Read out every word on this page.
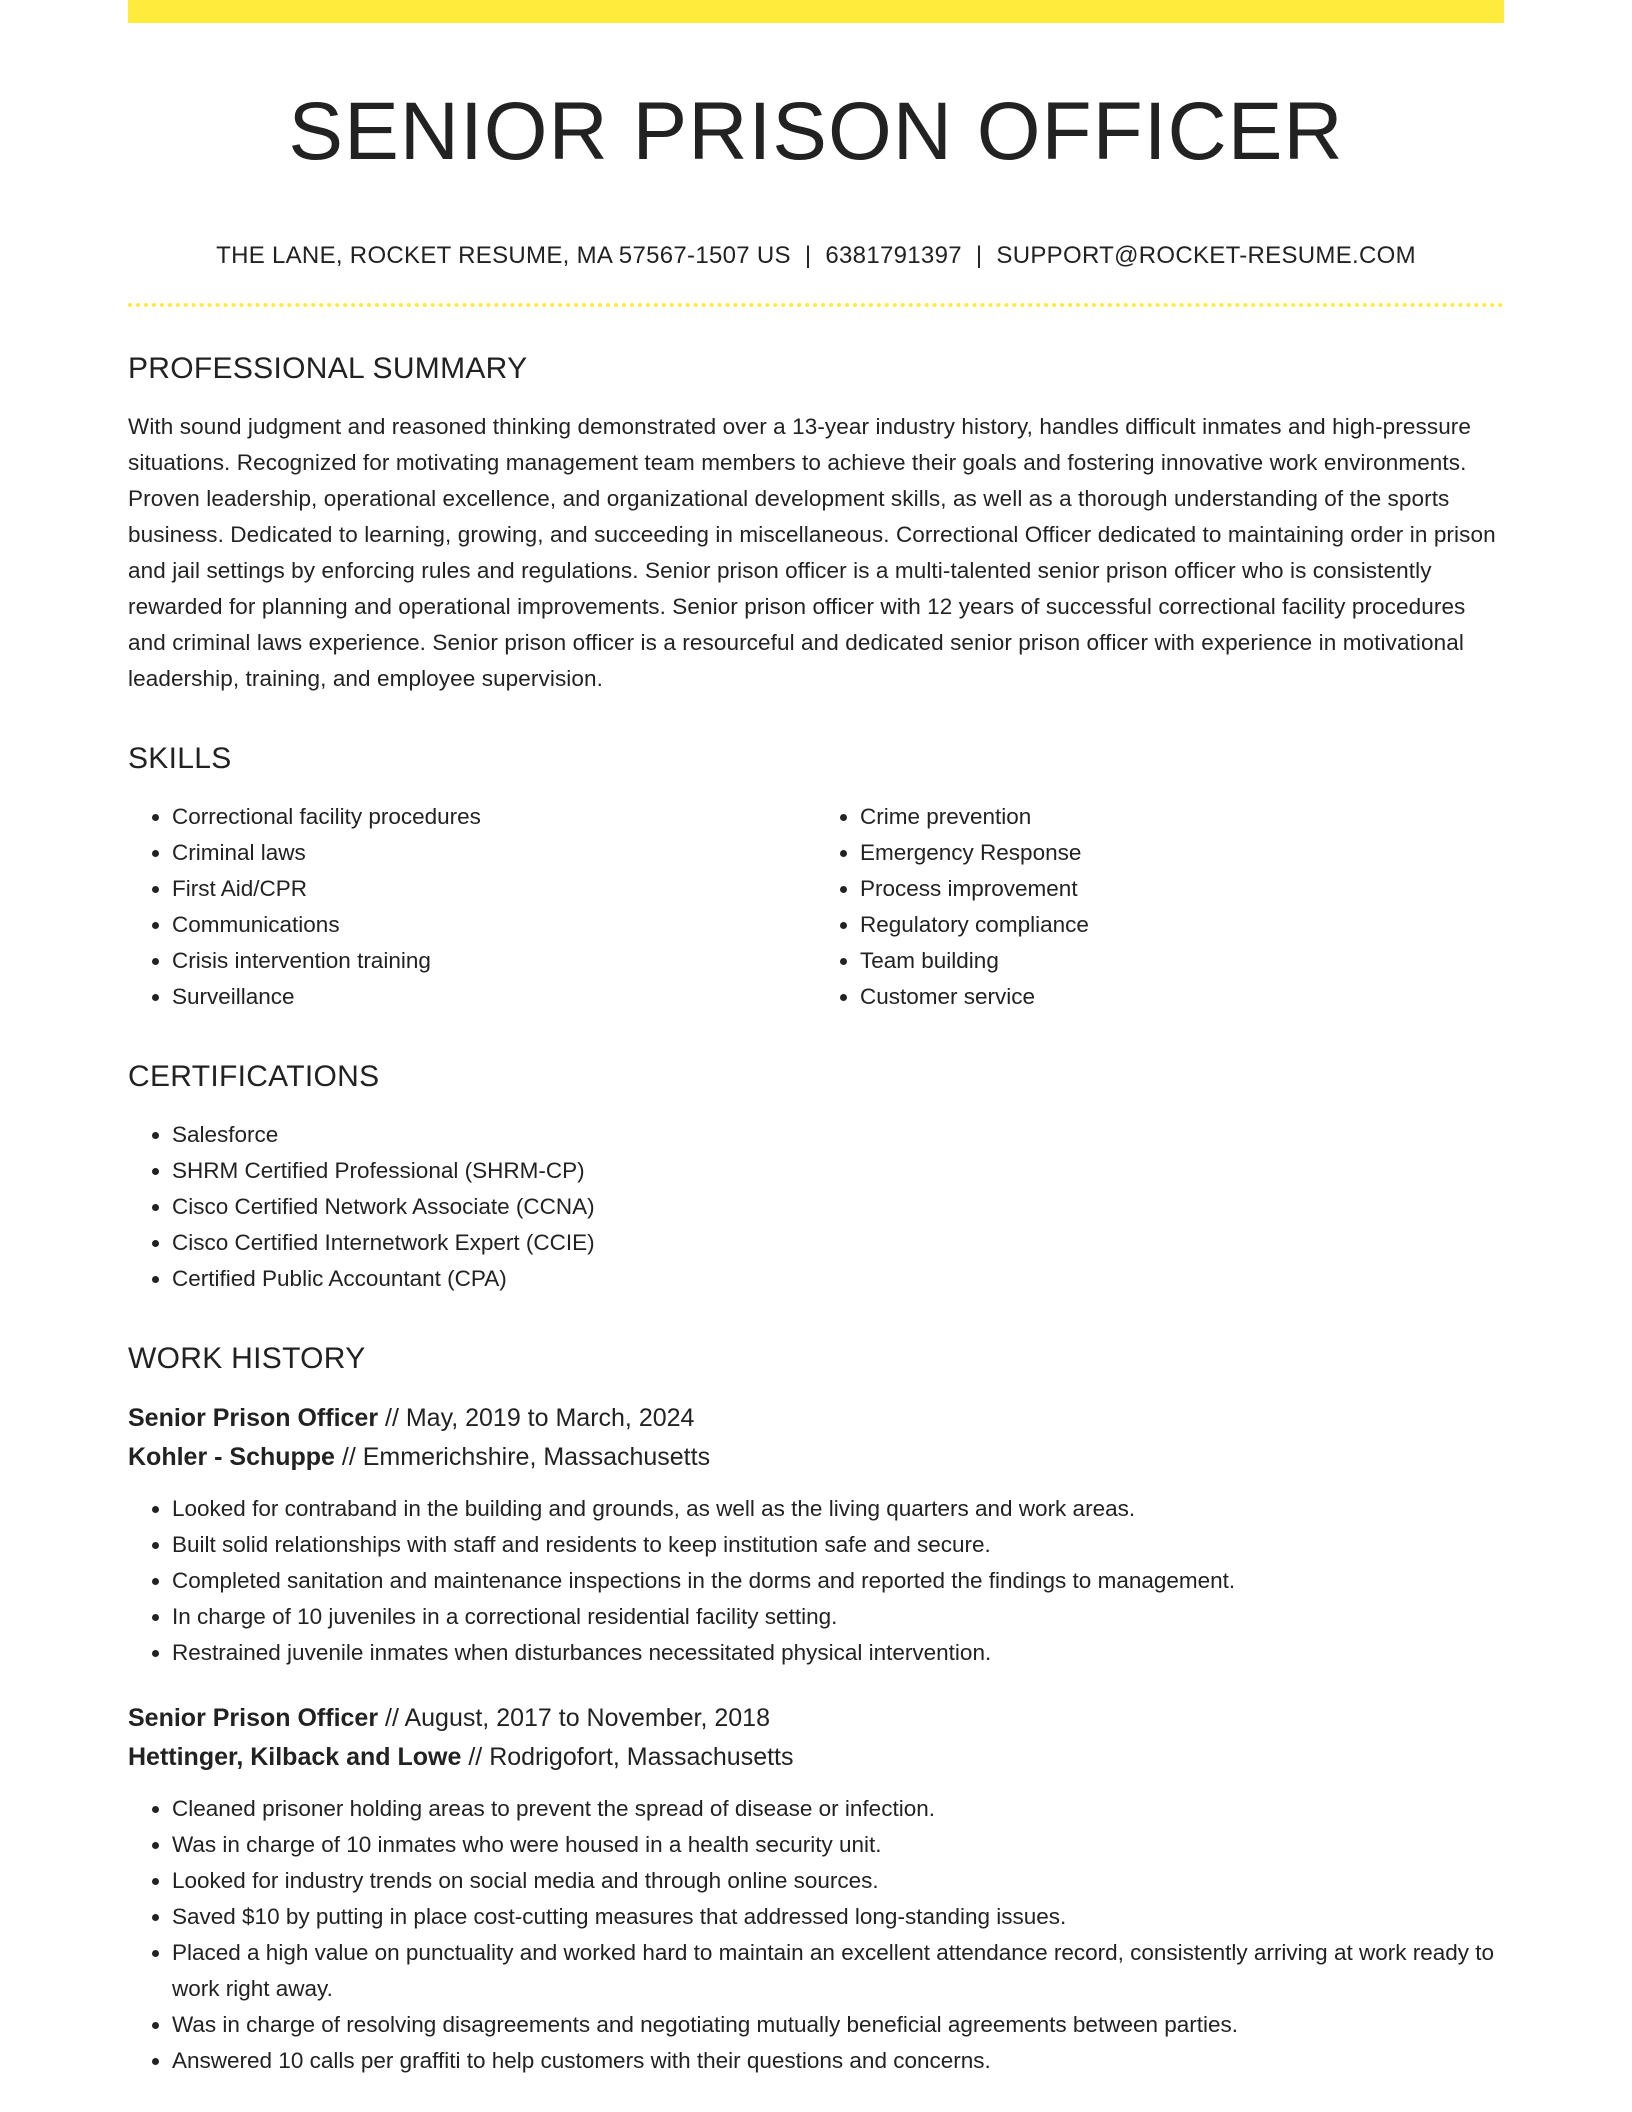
SENIOR PRISON OFFICER
THE LANE, ROCKET RESUME, MA 57567-1507 US | 6381791397 | SUPPORT@ROCKET-RESUME.COM
PROFESSIONAL SUMMARY
With sound judgment and reasoned thinking demonstrated over a 13-year industry history, handles difficult inmates and high-pressure situations. Recognized for motivating management team members to achieve their goals and fostering innovative work environments. Proven leadership, operational excellence, and organizational development skills, as well as a thorough understanding of the sports business. Dedicated to learning, growing, and succeeding in miscellaneous. Correctional Officer dedicated to maintaining order in prison and jail settings by enforcing rules and regulations. Senior prison officer is a multi-talented senior prison officer who is consistently rewarded for planning and operational improvements. Senior prison officer with 12 years of successful correctional facility procedures and criminal laws experience. Senior prison officer is a resourceful and dedicated senior prison officer with experience in motivational leadership, training, and employee supervision.
SKILLS
• Correctional facility procedures
• Criminal laws
• First Aid/CPR
• Communications
• Crisis intervention training
• Surveillance
• Crime prevention
• Emergency Response
• Process improvement
• Regulatory compliance
• Team building
• Customer service
CERTIFICATIONS
• Salesforce
• SHRM Certified Professional (SHRM-CP)
• Cisco Certified Network Associate (CCNA)
• Cisco Certified Internetwork Expert (CCIE)
• Certified Public Accountant (CPA)
WORK HISTORY
Senior Prison Officer // May, 2019 to March, 2024
Kohler - Schuppe // Emmerichshire, Massachusetts
• Looked for contraband in the building and grounds, as well as the living quarters and work areas.
• Built solid relationships with staff and residents to keep institution safe and secure.
• Completed sanitation and maintenance inspections in the dorms and reported the findings to management.
• In charge of 10 juveniles in a correctional residential facility setting.
• Restrained juvenile inmates when disturbances necessitated physical intervention.
Senior Prison Officer // August, 2017 to November, 2018
Hettinger, Kilback and Lowe // Rodrigofort, Massachusetts
• Cleaned prisoner holding areas to prevent the spread of disease or infection.
• Was in charge of 10 inmates who were housed in a health security unit.
• Looked for industry trends on social media and through online sources.
• Saved $10 by putting in place cost-cutting measures that addressed long-standing issues.
• Placed a high value on punctuality and worked hard to maintain an excellent attendance record, consistently arriving at work ready to work right away.
• Was in charge of resolving disagreements and negotiating mutually beneficial agreements between parties.
• Answered 10 calls per graffiti to help customers with their questions and concerns.
